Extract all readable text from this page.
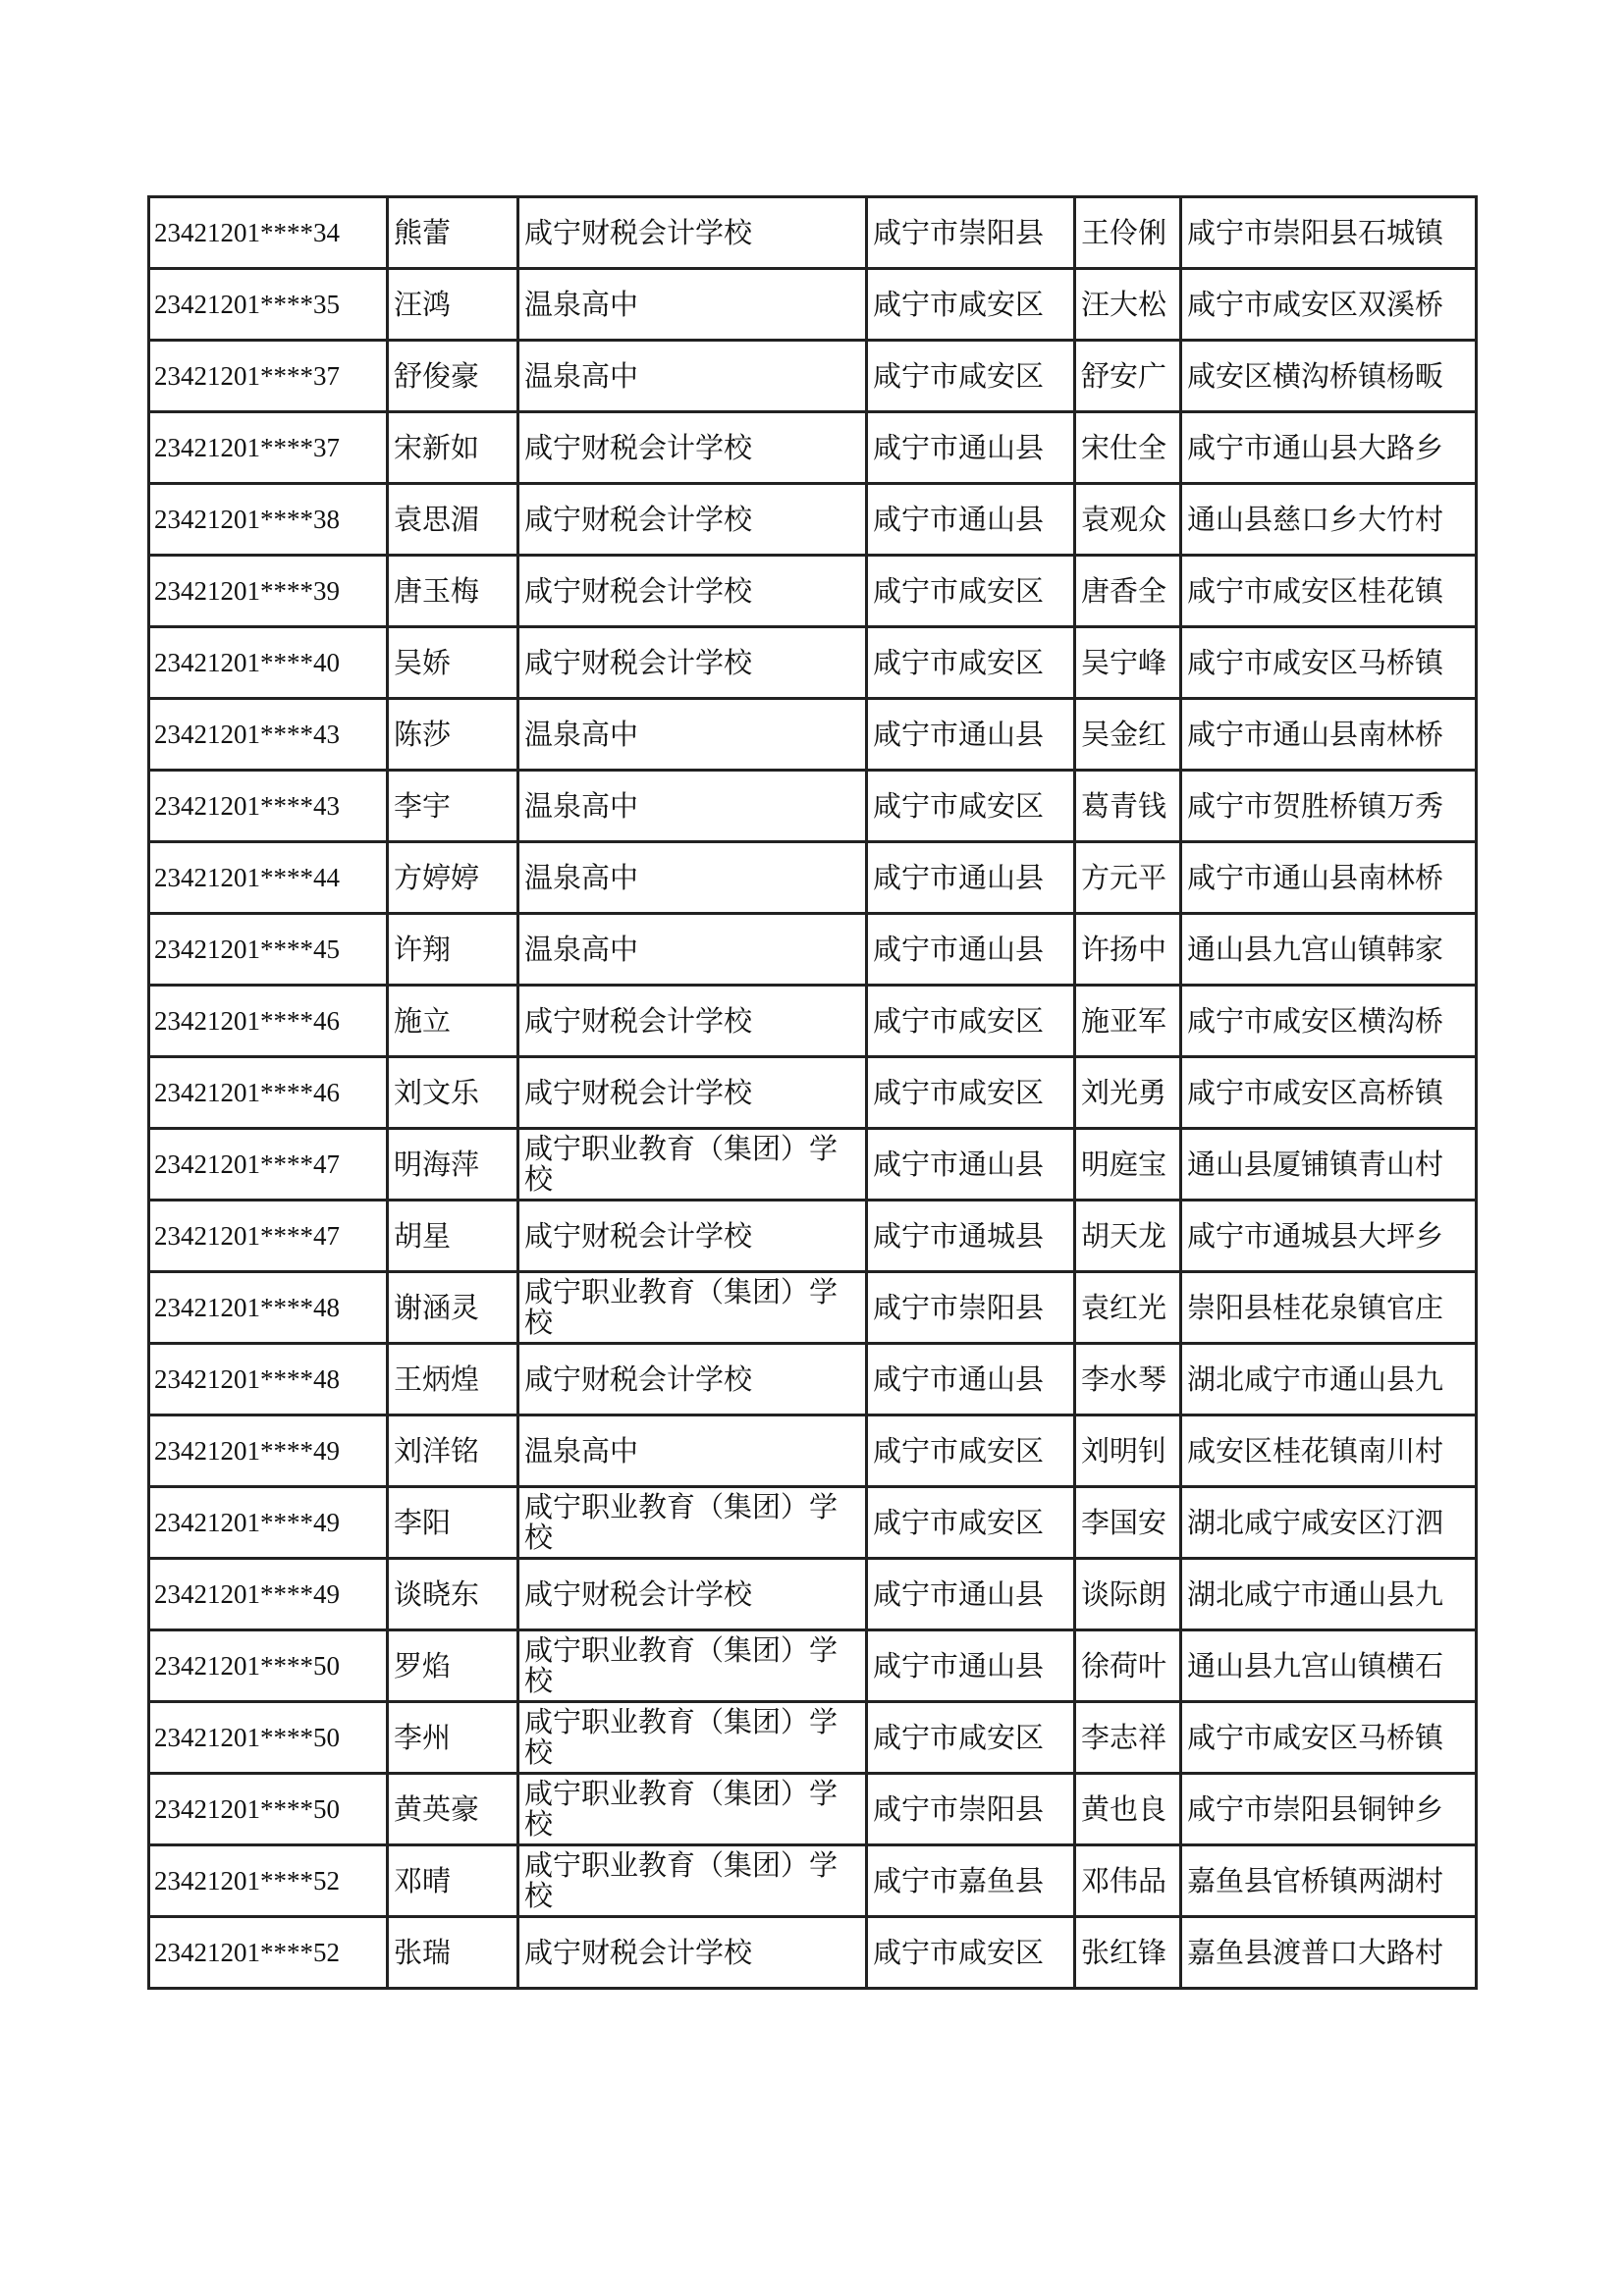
23421201****34	熊蕾	咸宁财税会计学校	咸宁市崇阳县	王伶俐	咸宁市崇阳县石城镇
23421201****35	汪鸿	温泉高中	咸宁市咸安区	汪大松	咸宁市咸安区双溪桥
23421201****37	舒俊豪	温泉高中	咸宁市咸安区	舒安广	咸安区横沟桥镇杨畈
23421201****37	宋新如	咸宁财税会计学校	咸宁市通山县	宋仕全	咸宁市通山县大路乡
23421201****38	袁思湄	咸宁财税会计学校	咸宁市通山县	袁观众	通山县慈口乡大竹村
23421201****39	唐玉梅	咸宁财税会计学校	咸宁市咸安区	唐香全	咸宁市咸安区桂花镇
23421201****40	吴娇	咸宁财税会计学校	咸宁市咸安区	吴宁峰	咸宁市咸安区马桥镇
23421201****43	陈莎	温泉高中	咸宁市通山县	吴金红	咸宁市通山县南林桥
23421201****43	李宇	温泉高中	咸宁市咸安区	葛青钱	咸宁市贺胜桥镇万秀
23421201****44	方婷婷	温泉高中	咸宁市通山县	方元平	咸宁市通山县南林桥
23421201****45	许翔	温泉高中	咸宁市通山县	许扬中	通山县九宫山镇韩家
23421201****46	施立	咸宁财税会计学校	咸宁市咸安区	施亚军	咸宁市咸安区横沟桥
23421201****46	刘文乐	咸宁财税会计学校	咸宁市咸安区	刘光勇	咸宁市咸安区高桥镇
23421201****47	明海萍	咸宁职业教育（集团）学校	咸宁市通山县	明庭宝	通山县厦铺镇青山村
23421201****47	胡星	咸宁财税会计学校	咸宁市通城县	胡天龙	咸宁市通城县大坪乡
23421201****48	谢涵灵	咸宁职业教育（集团）学校	咸宁市崇阳县	袁红光	崇阳县桂花泉镇官庄
23421201****48	王炳煌	咸宁财税会计学校	咸宁市通山县	李水琴	湖北咸宁市通山县九
23421201****49	刘洋铭	温泉高中	咸宁市咸安区	刘明钊	咸安区桂花镇南川村
23421201****49	李阳	咸宁职业教育（集团）学校	咸宁市咸安区	李国安	湖北咸宁咸安区汀泗
23421201****49	谈晓东	咸宁财税会计学校	咸宁市通山县	谈际朗	湖北咸宁市通山县九
23421201****50	罗焰	咸宁职业教育（集团）学校	咸宁市通山县	徐荷叶	通山县九宫山镇横石
23421201****50	李州	咸宁职业教育（集团）学校	咸宁市咸安区	李志祥	咸宁市咸安区马桥镇
23421201****50	黄英豪	咸宁职业教育（集团）学校	咸宁市崇阳县	黄也良	咸宁市崇阳县铜钟乡
23421201****52	邓晴	咸宁职业教育（集团）学校	咸宁市嘉鱼县	邓伟品	嘉鱼县官桥镇两湖村
23421201****52	张瑞	咸宁财税会计学校	咸宁市咸安区	张红锋	嘉鱼县渡普口大路村
